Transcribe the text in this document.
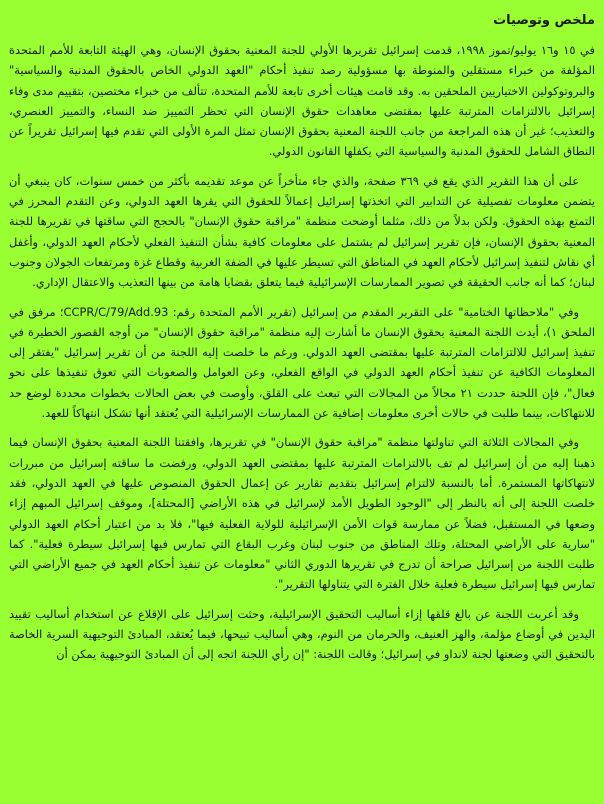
ملخص وتوصيات

في ١٥ و١٦ يوليو/تموز ١٩٩٨، قدمت إسرائيل تقريرها الأولي للجنة المعنية بحقوق الإنسان، وهي الهيئة التابعة للأمم المتحدة المؤلفة من خبراء مستقلين والمنوطة بها مسؤولية رصد تنفيذ أحكام "العهد الدولي الخاص بالحقوق المدنية والسياسية" والبروتوكولين الاختياريين الملحقين به. وقد قامت هيئات أخرى تابعة للأمم المتحدة، تتألف من خبراء مختصين، بتقييم مدى وفاء إسرائيل بالالتزامات المترتبة عليها بمقتضى معاهدات حقوق الإنسان التي تحظر التمييز ضد النساء، والتمييز العنصري، والتعذيب؛ غير أن هذه المراجعة من جانب اللجنة المعنية بحقوق الإنسان تمثل المرة الأولى التي تقدم فيها إسرائيل تقريراً عن النطاق الشامل للحقوق المدنية والسياسية التي يكفلها القانون الدولي.

على أن هذا التقرير الذي يقع في ٣٦٩ صفحة، والذي جاء متأخراً عن موعد تقديمه بأكثر من خمس سنوات، كان ينبغي أن يتضمن معلومات تفصيلية عن التدابير التي اتخذتها إسرائيل إعمالاً للحقوق التي يقرها العهد الدولي، وعن التقدم المحرز في التمتع بهذه الحقوق. ولكن بدلاً من ذلك، مثلما أوضحت منظمة "مراقبة حقوق الإنسان" بالحجج التي ساقتها في تقريرها للجنة المعنية بحقوق الإنسان، فإن تقرير إسرائيل لم يشتمل على معلومات كافية بشأن التنفيذ الفعلي لأحكام العهد الدولي، وأغفل أي نقاش لتنفيذ إسرائيل لأحكام العهد في المناطق التي تسيطر عليها في الضفة الغربية وقطاع غزة ومرتفعات الجولان وجنوب لبنان؛ كما أنه جانب الحقيقة في تصوير الممارسات الإسرائيلية فيما يتعلق بقضايا هامة من بينها التعذيب والاعتقال الإداري.

وفي "ملاحظاتها الختامية" على التقرير المقدم من إسرائيل (تقرير الأمم المتحدة رقم: CCPR/C/79/Add.93؛ مرفق في الملحق ١)، أيدت اللجنة المعنية بحقوق الإنسان ما أشارت إليه منظمة "مراقبة حقوق الإنسان" من أوجه القصور الخطيرة في تنفيذ إسرائيل للالتزامات المترتبة عليها بمقتضى العهد الدولي. ورغم ما خلصت إليه اللجنة من أن تقرير إسرائيل "يفتقر إلى المعلومات الكافية عن تنفيذ أحكام العهد الدولي في الواقع الفعلي، وعن العوامل والصعوبات التي تعوق تنفيذها على نحو فعال"، فإن اللجنة حددت ٢١ مجالاً من المجالات التي تبعث على القلق، وأوصت في بعض الحالات بخطوات محددة لوضع حد للانتهاكات، بينما طلبت في حالات أخرى معلومات إضافية عن الممارسات الإسرائيلية التي يُعتقد أنها تشكل انتهاكاً للعهد.

وفي المجالات الثلاثة التي تناولتها منظمة "مراقبة حقوق الإنسان" في تقريرها، وافقتنا اللجنة المعنية بحقوق الإنسان فيما ذهبنا إليه من أن إسرائيل لم تف بالالتزامات المترتبة عليها بمقتضى العهد الدولي، ورفضت ما ساقته إسرائيل من مبررات لانتهاكاتها المستمرة. أما بالنسبة لالتزام إسرائيل بتقديم تقارير عن إعمال الحقوق المنصوص عليها في العهد الدولي، فقد خلصت اللجنة إلى أنه بالنظر إلى "الوجود الطويل الأمد لإسرائيل في هذه الأراضي [المحتلة]، وموقف إسرائيل المبهم إزاء وضعها في المستقبل، فضلاً عن ممارسة قوات الأمن الإسرائيلية للولاية الفعلية فيها"، فلا بد من اعتبار أحكام العهد الدولي "سارية على الأراضي المحتلة، وتلك المناطق من جنوب لبنان وغرب البقاع التي تمارس فيها إسرائيل سيطرة فعلية". كما طلبت اللجنة من إسرائيل صراحة أن تدرج في تقريرها الدوري الثاني "معلومات عن تنفيذ أحكام العهد في جميع الأراضي التي تمارس فيها إسرائيل سيطرة فعلية خلال الفترة التي يتناولها التقرير".

وقد أعربت اللجنة عن بالغ قلقها إزاء أساليب التحقيق الإسرائيلية، وحثت إسرائيل على الإقلاع عن استخدام أساليب تقييد اليدين في أوضاع مؤلمة، والهز العنيف، والحرمان من النوم، وهي أساليب تبيحها، فيما يُعتقد، المبادئ التوجيهية السرية الخاصة بالتحقيق التي وضعتها لجنة لانداو في إسرائيل؛ وقالت اللجنة: "إن رأي اللجنة اتجه إلى أن المبادئ التوجيهية يمكن أن
